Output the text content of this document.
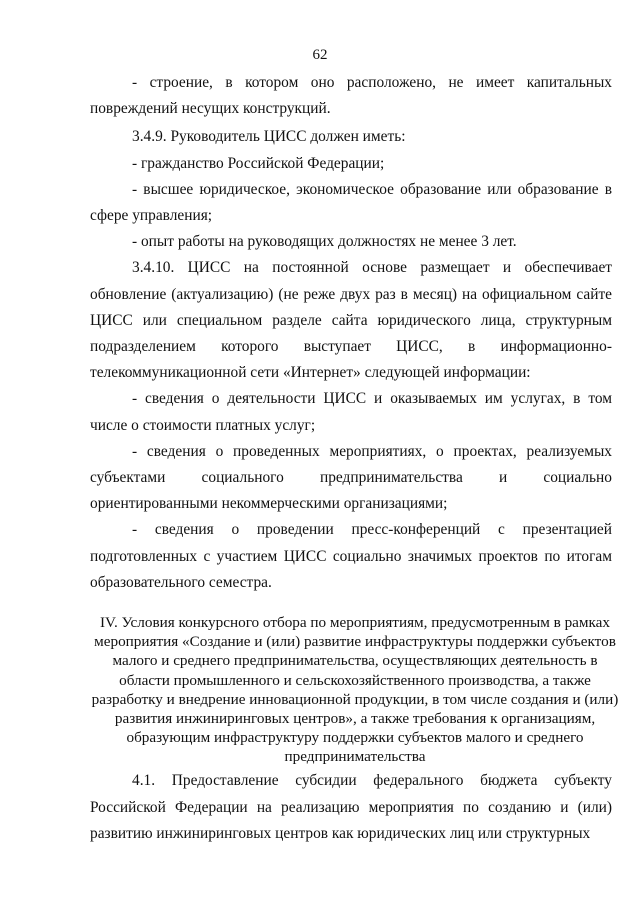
62

- строение, в котором оно расположено, не имеет капитальных повреждений несущих конструкций.

3.4.9. Руководитель ЦИСС должен иметь:

- гражданство Российской Федерации;

- высшее юридическое, экономическое образование или образование в сфере управления;

- опыт работы на руководящих должностях не менее 3 лет.

3.4.10. ЦИСС на постоянной основе размещает и обеспечивает обновление (актуализацию) (не реже двух раз в месяц) на официальном сайте ЦИСС или специальном разделе сайта юридического лица, структурным подразделением которого выступает ЦИСС, в информационно-телекоммуникационной сети «Интернет» следующей информации:

- сведения о деятельности ЦИСС и оказываемых им услугах, в том числе о стоимости платных услуг;

- сведения о проведенных мероприятиях, о проектах, реализуемых субъектами социального предпринимательства и социально ориентированными некоммерческими организациями;

- сведения о проведении пресс-конференций с презентацией подготовленных с участием ЦИСС социально значимых проектов по итогам образовательного семестра.

IV. Условия конкурсного отбора по мероприятиям, предусмотренным в рамках мероприятия «Создание и (или) развитие инфраструктуры поддержки субъектов малого и среднего предпринимательства, осуществляющих деятельность в области промышленного и сельскохозяйственного производства, а также разработку и внедрение инновационной продукции, в том числе создания и (или) развития инжиниринговых центров», а также требования к организациям, образующим инфраструктуру поддержки субъектов малого и среднего предпринимательства

4.1. Предоставление субсидии федерального бюджета субъекту Российской Федерации на реализацию мероприятия по созданию и (или) развитию инжиниринговых центров как юридических лиц или структурных
